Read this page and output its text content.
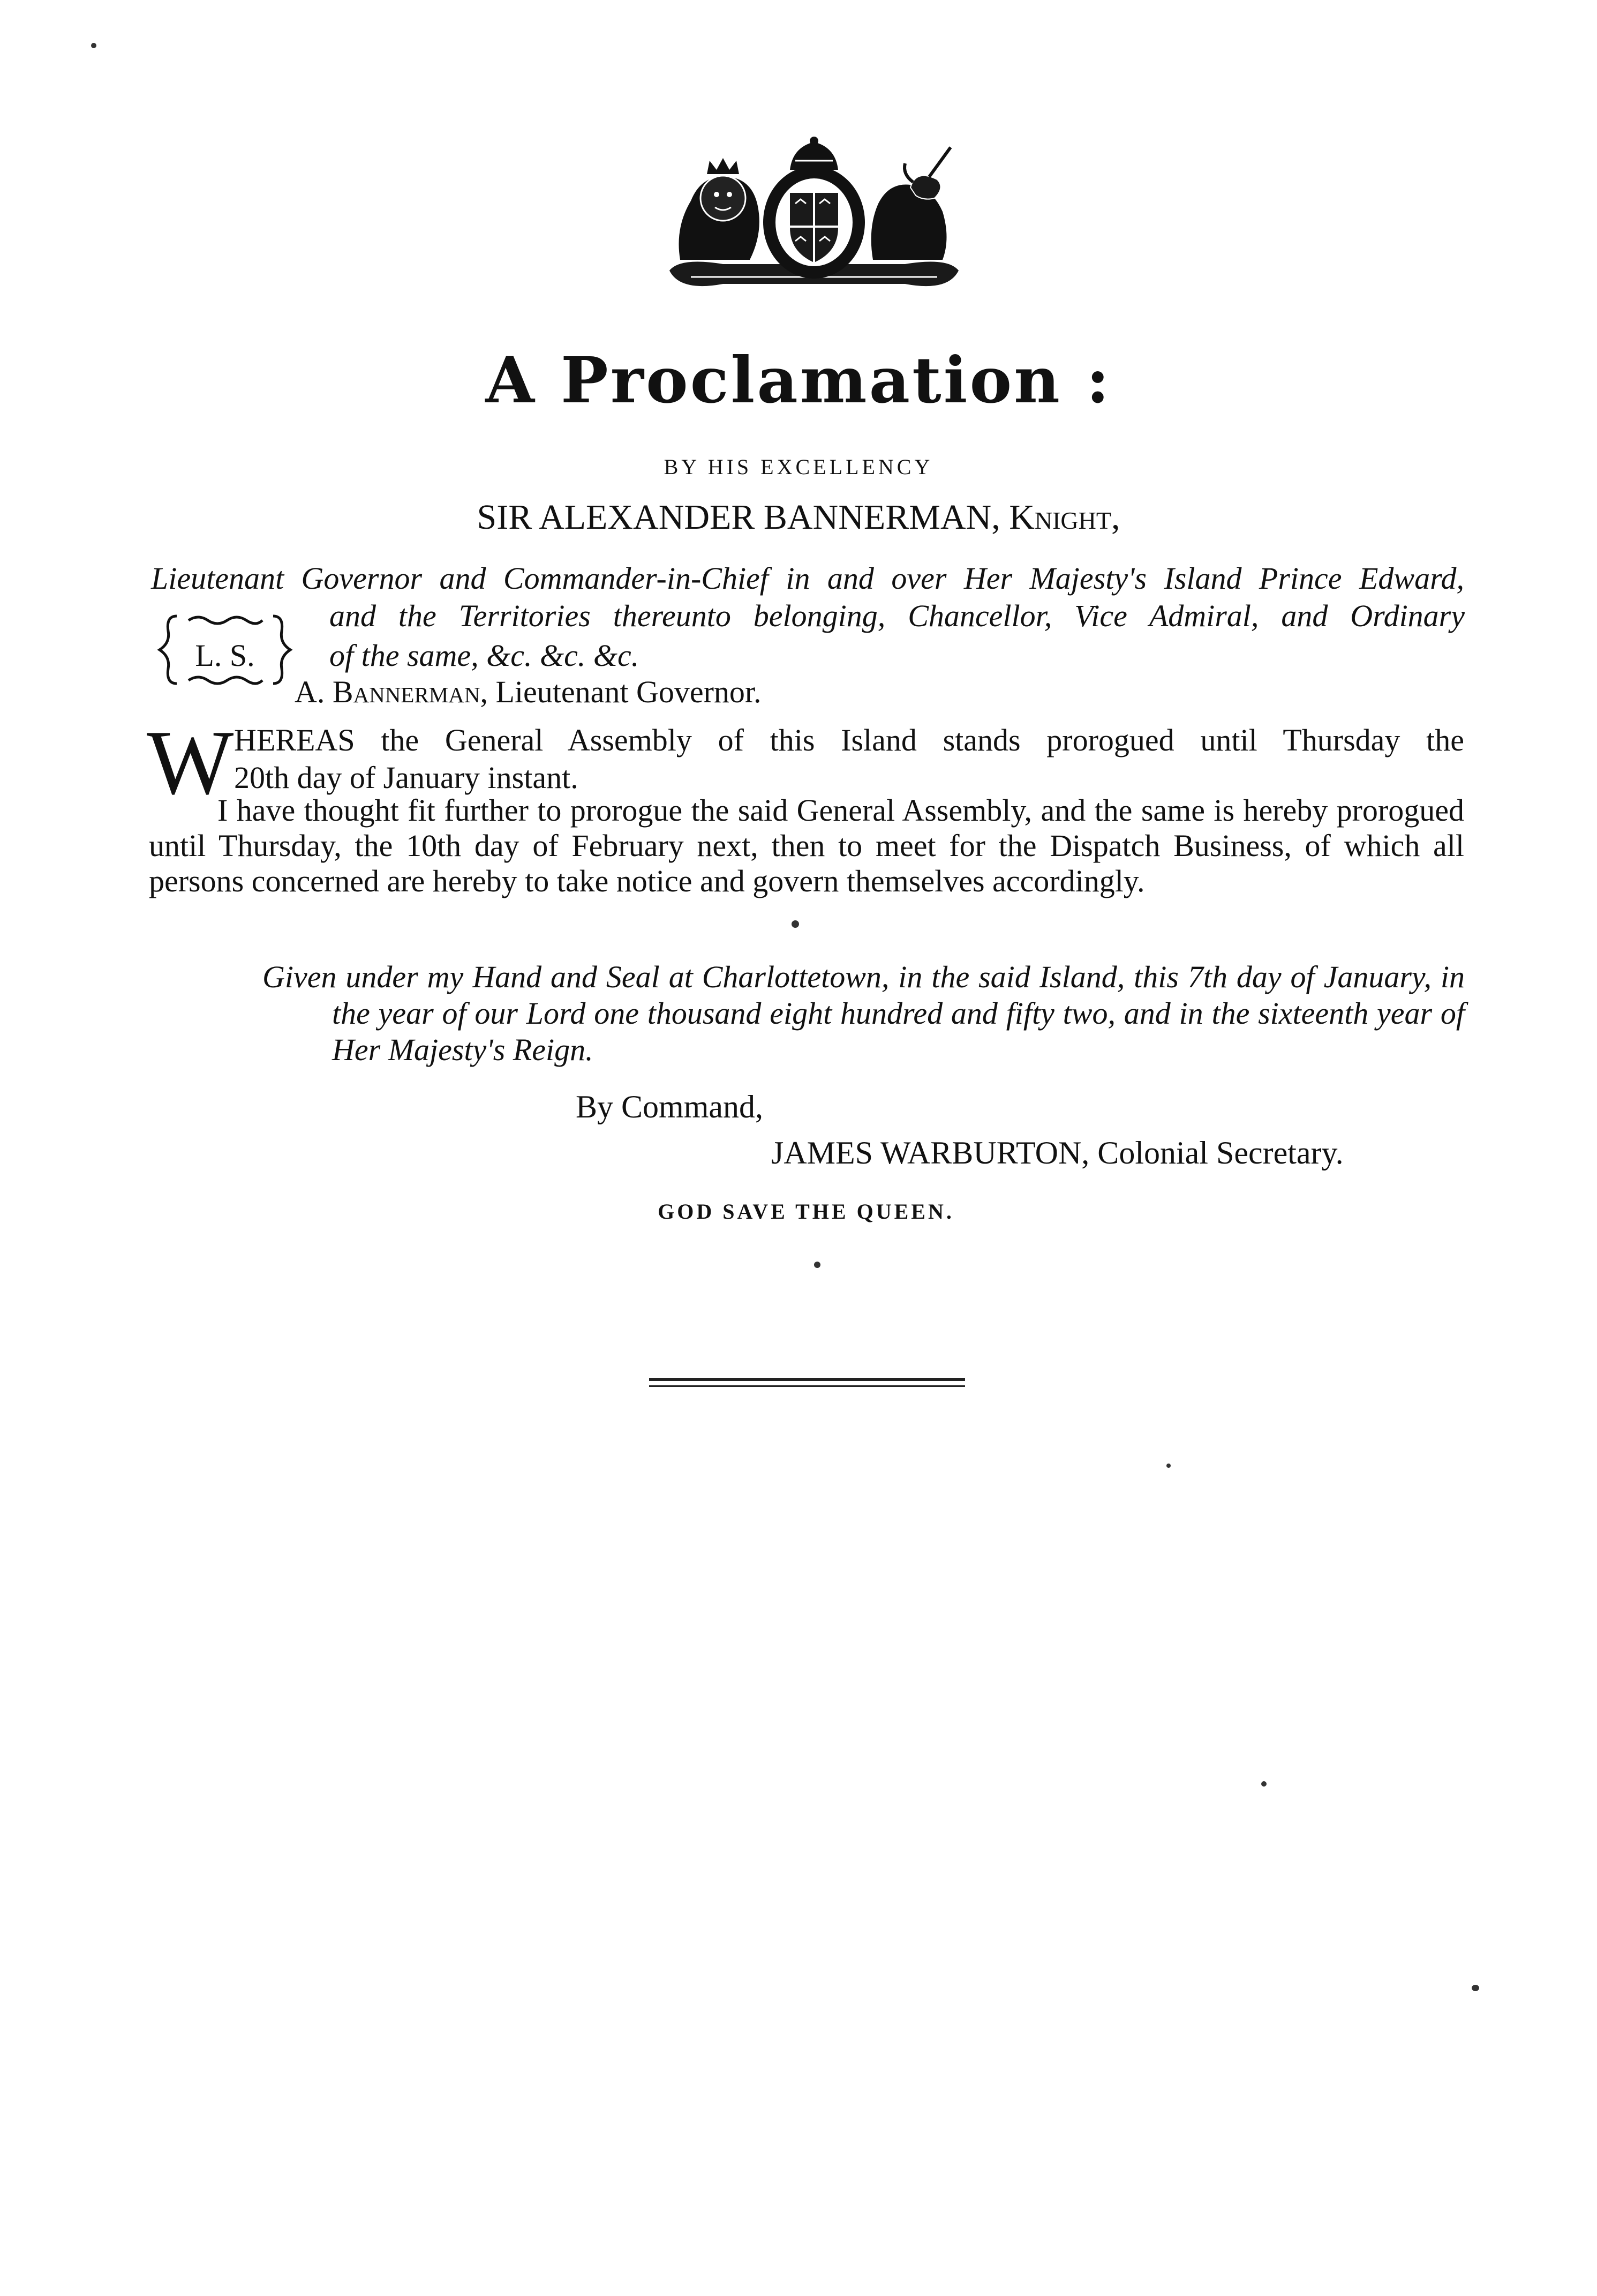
A Proclamation :
BY HIS EXCELLENCY
SIR ALEXANDER BANNERMAN, Knight,
Lieutenant Governor and Commander-in-Chief in and over Her Majesty's Island Prince Edward,
and the Territories thereunto belonging, Chancellor, Vice Admiral, and Ordinary
of the same, &c. &c. &c.
L. S.
A. Bannerman, Lieutenant Governor.
W HEREAS the General Assembly of this Island stands prorogued until Thursday the
20th day of January instant.
I have thought fit further to prorogue the said General Assembly, and the same is hereby prorogued until Thursday, the 10th day of February next, then to meet for the Dispatch Business, of which all persons concerned are hereby to take notice and govern themselves accordingly.
Given under my Hand and Seal at Charlottetown, in the said Island, this 7th day of January, in the year of our Lord one thousand eight hundred and fifty two, and in the sixteenth year of Her Majesty's Reign.
By Command,
JAMES WARBURTON, Colonial Secretary.
GOD SAVE THE QUEEN.
